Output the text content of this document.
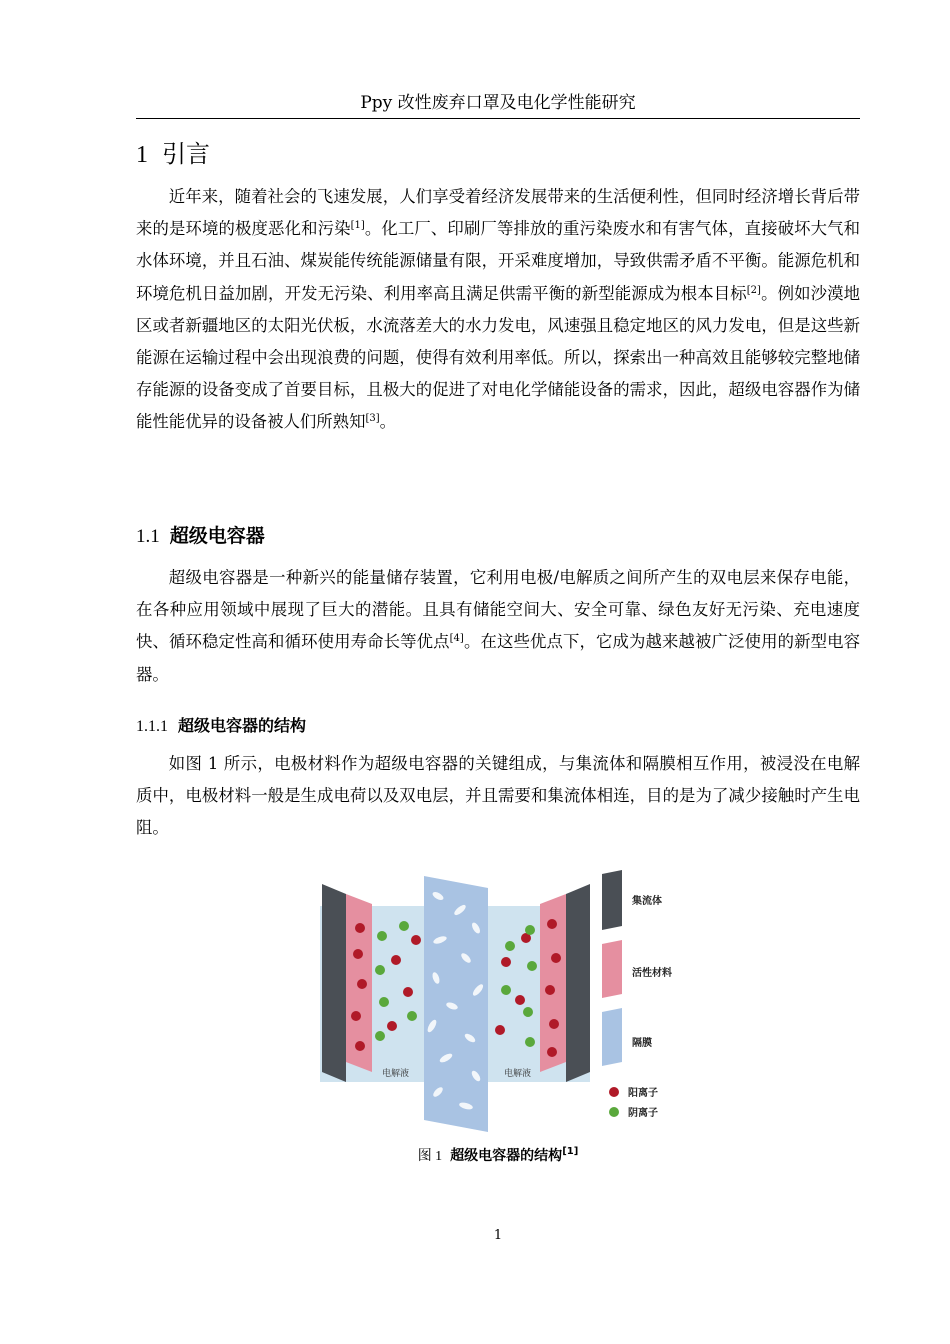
Ppy 改性废弃口罩及电化学性能研究
1 引言

近年来，随着社会的飞速发展，人们享受着经济发展带来的生活便利性，但同时经济增长背后带来的是环境的极度恶化和污染[1]。化工厂、印刷厂等排放的重污染废水和有害气体，直接破坏大气和水体环境，并且石油、煤炭能传统能源储量有限，开采难度增加，导致供需矛盾不平衡。能源危机和环境危机日益加剧，开发无污染、利用率高且满足供需平衡的新型能源成为根本目标[2]。例如沙漠地区或者新疆地区的太阳光伏板，水流落差大的水力发电，风速强且稳定地区的风力发电，但是这些新能源在运输过程中会出现浪费的问题，使得有效利用率低。所以，探索出一种高效且能够较完整地储存能源的设备变成了首要目标，且极大的促进了对电化学储能设备的需求，因此，超级电容器作为储能性能优异的设备被人们所熟知[3]。

1.1 超级电容器

超级电容器是一种新兴的能量储存装置，它利用电极/电解质之间所产生的双电层来保存电能，在各种应用领域中展现了巨大的潜能。且具有储能空间大、安全可靠、绿色友好无污染、充电速度快、循环稳定性高和循环使用寿命长等优点[4]。在这些优点下，它成为越来越被广泛使用的新型电容器。

1.1.1 超级电容器的结构

如图 1 所示，电极材料作为超级电容器的关键组成，与集流体和隔膜相互作用，被浸没在电解质中，电极材料一般是生成电荷以及双电层，并且需要和集流体相连，目的是为了减少接触时产生电阻。

电解液	电解液
集流体
活性材料
隔膜
阳离子
阴离子
图 1 超级电容器的结构[1]
1
